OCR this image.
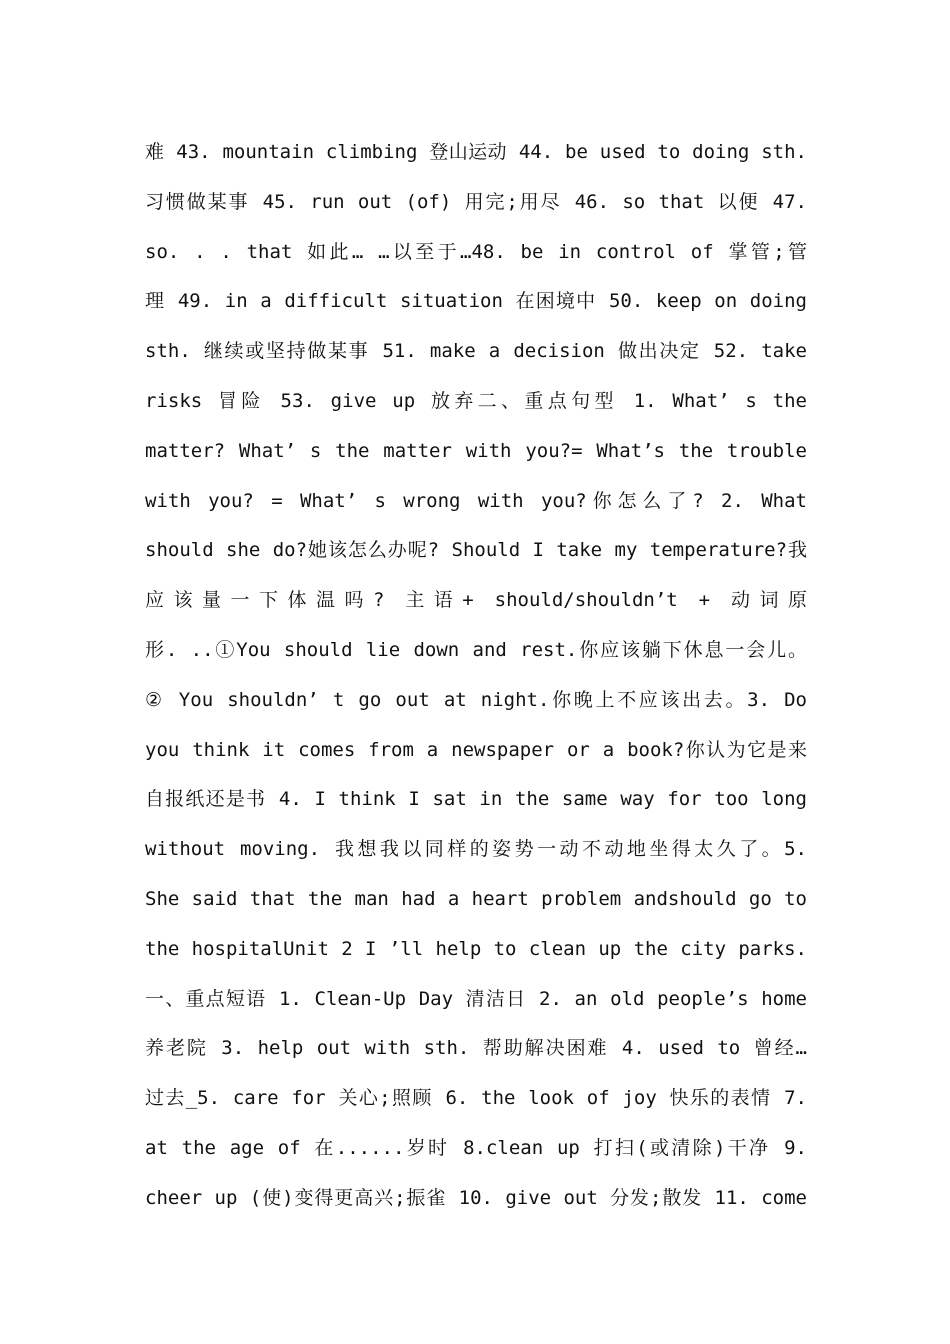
难 43. mountain climbing 登山运动 44. be used to doing sth.
习惯做某事 45. run out (of) 用完;用尽 46. so that 以便 47.
so. . . that 如此… …以至于…48. be in control of 掌管;管
理 49. in a difficult situation 在困境中 50. keep on doing
sth. 继续或坚持做某事 51. make a decision 做出决定 52. take
risks 冒险 53. give up 放弃二、重点句型 1. What’ s the
matter? What’ s the matter with you?= What’s the trouble
with you? = What’ s wrong with you?你怎么了? 2. What
should she do?她该怎么办呢? Should I take my temperature?我
应该量一下体温吗? 主语+ should/shouldn’t + 动词原
形. ..①You should lie down and rest.你应该躺下休息一会儿。
② You shouldn’ t go out at night.你晚上不应该出去。3. Do
you think it comes from a newspaper or a book?你认为它是来
自报纸还是书 4. I think I sat in the same way for too long
without moving. 我想我以同样的姿势一动不动地坐得太久了。5.
She said that the man had a heart problem andshould go to
the hospitalUnit 2 I ’ll help to clean up the city parks.
一、重点短语 1. Clean-Up Day 清洁日 2. an old people’s home
养老院 3. help out with sth. 帮助解决困难 4. used to 曾经…
过去_5. care for 关心;照顾 6. the look of joy 快乐的表情 7.
at the age of 在......岁时 8.clean up 打扫(或清除)干净 9.
cheer up (使)变得更高兴;振雀 10. give out 分发;散发 11. come
